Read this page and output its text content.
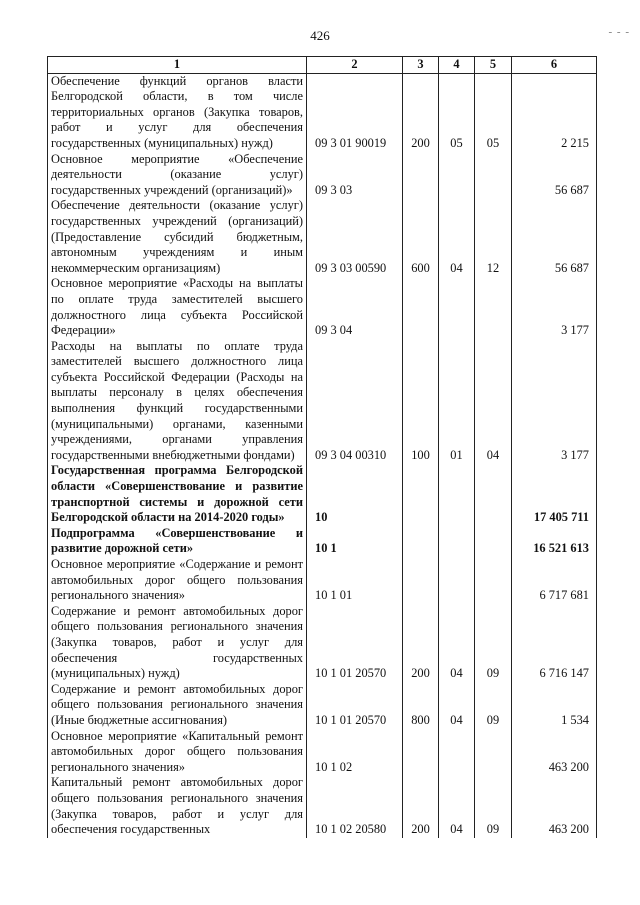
426	- - -
1	2	3	4	5	6
Обеспечение функций органов власти Белгородской области, в том числе территориальных органов (Закупка товаров, работ и услуг для обеспечения государственных (муниципальных) нужд)	09 3 01 90019	200	05	05	2 215
Основное мероприятие «Обеспечение деятельности (оказание услуг) государственных учреждений (организаций)»	09 3 03				56 687
Обеспечение деятельности (оказание услуг) государственных учреждений (организаций) (Предоставление субсидий бюджетным, автономным учреждениям и иным некоммерческим организациям)	09 3 03 00590	600	04	12	56 687
Основное мероприятие «Расходы на выплаты по оплате труда заместителей высшего должностного лица субъекта Российской Федерации»	09 3 04				3 177
Расходы на выплаты по оплате труда заместителей высшего должностного лица субъекта Российской Федерации (Расходы на выплаты персоналу в целях обеспечения выполнения функций государственными (муниципальными) органами, казенными учреждениями, органами управления государственными внебюджетными фондами)	09 3 04 00310	100	01	04	3 177
Государственная программа Белгородской области «Совершенствование и развитие транспортной системы и дорожной сети Белгородской области на 2014-2020 годы»	10				17 405 711
Подпрограмма «Совершенствование и развитие дорожной сети»	10 1				16 521 613
Основное мероприятие «Содержание и ремонт автомобильных дорог общего пользования регионального значения»	10 1 01				6 717 681
Содержание и ремонт автомобильных дорог общего пользования регионального значения (Закупка товаров, работ и услуг для обеспечения государственных (муниципальных) нужд)	10 1 01 20570	200	04	09	6 716 147
Содержание и ремонт автомобильных дорог общего пользования регионального значения (Иные бюджетные ассигнования)	10 1 01 20570	800	04	09	1 534
Основное мероприятие «Капитальный ремонт автомобильных дорог общего пользования регионального значения»	10 1 02				463 200
Капитальный ремонт автомобильных дорог общего пользования регионального значения (Закупка товаров, работ и услуг для обеспечения государственных	10 1 02 20580	200	04	09	463 200
